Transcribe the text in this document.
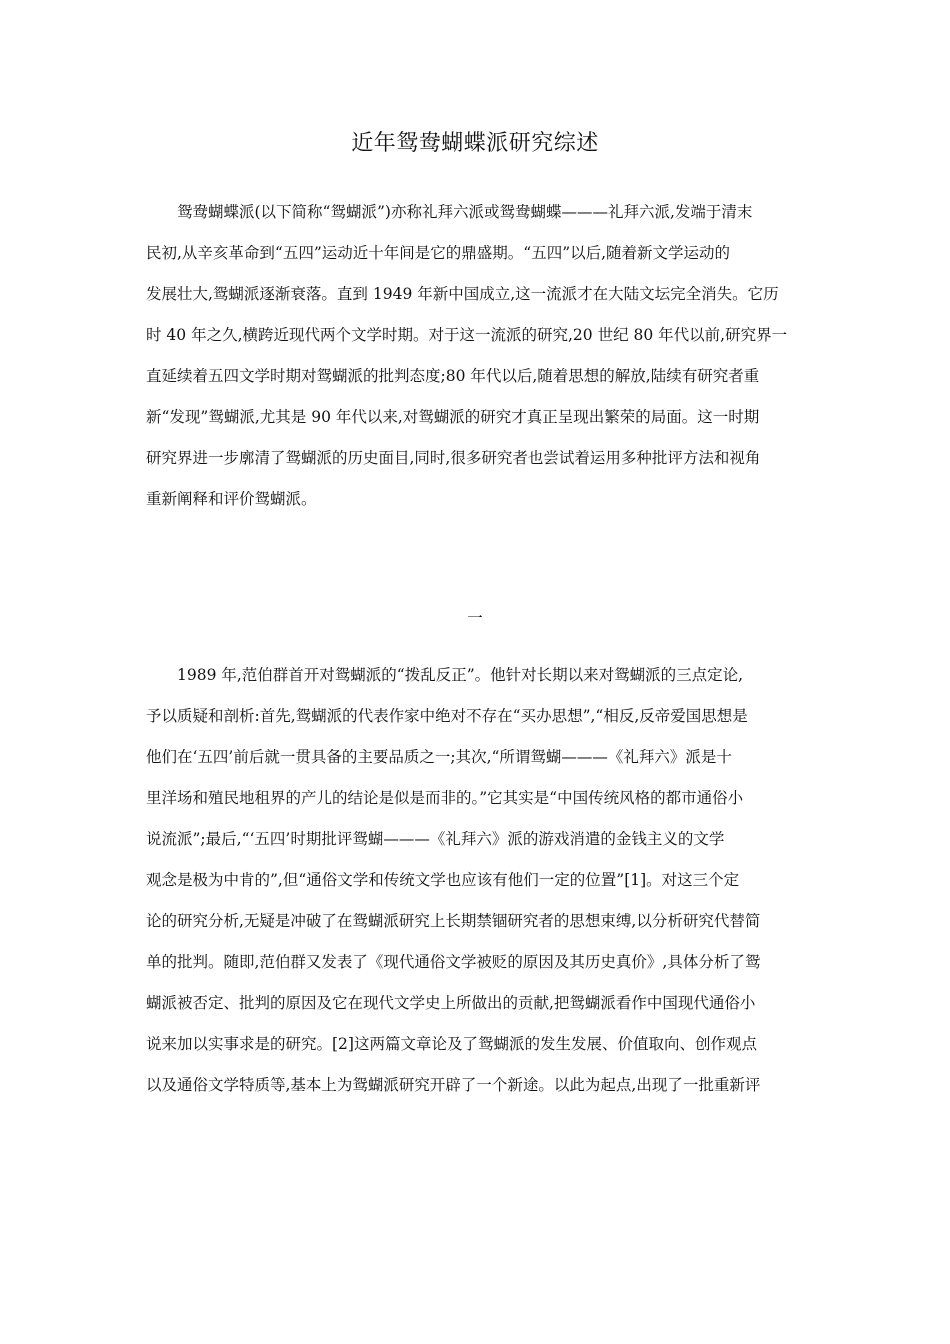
近年鸳鸯蝴蝶派研究综述
鸳鸯蝴蝶派(以下简称“鸳蝴派”)亦称礼拜六派或鸳鸯蝴蝶———礼拜六派,发端于清末
民初,从辛亥革命到“五四”运动近十年间是它的鼎盛期。“五四”以后,随着新文学运动的
发展壮大,鸳蝴派逐渐衰落。直到 1949 年新中国成立,这一流派才在大陆文坛完全消失。它历
时 40 年之久,横跨近现代两个文学时期。对于这一流派的研究,20 世纪 80 年代以前,研究界一
直延续着五四文学时期对鸳蝴派的批判态度;80 年代以后,随着思想的解放,陆续有研究者重
新“发现”鸳蝴派,尤其是 90 年代以来,对鸳蝴派的研究才真正呈现出繁荣的局面。这一时期
研究界进一步廓清了鸳蝴派的历史面目,同时,很多研究者也尝试着运用多种批评方法和视角
重新阐释和评价鸳蝴派。
一
1989 年,范伯群首开对鸳蝴派的“拨乱反正”。他针对长期以来对鸳蝴派的三点定论,
予以质疑和剖析:首先,鸳蝴派的代表作家中绝对不存在“买办思想”,“相反,反帝爱国思想是
他们在‘五四’前后就一贯具备的主要品质之一;其次,“所谓鸳蝴———《礼拜六》派是十
里洋场和殖民地租界的产儿的结论是似是而非的。”它其实是“中国传统风格的都市通俗小
说流派”;最后,“‘五四’时期批评鸳蝴———《礼拜六》派的游戏消遣的金钱主义的文学
观念是极为中肯的”,但“通俗文学和传统文学也应该有他们一定的位置”[1]。对这三个定
论的研究分析,无疑是冲破了在鸳蝴派研究上长期禁锢研究者的思想束缚,以分析研究代替简
单的批判。随即,范伯群又发表了《现代通俗文学被贬的原因及其历史真价》,具体分析了鸳
蝴派被否定、批判的原因及它在现代文学史上所做出的贡献,把鸳蝴派看作中国现代通俗小
说来加以实事求是的研究。[2]这两篇文章论及了鸳蝴派的发生发展、价值取向、创作观点
以及通俗文学特质等,基本上为鸳蝴派研究开辟了一个新途。以此为起点,出现了一批重新评
